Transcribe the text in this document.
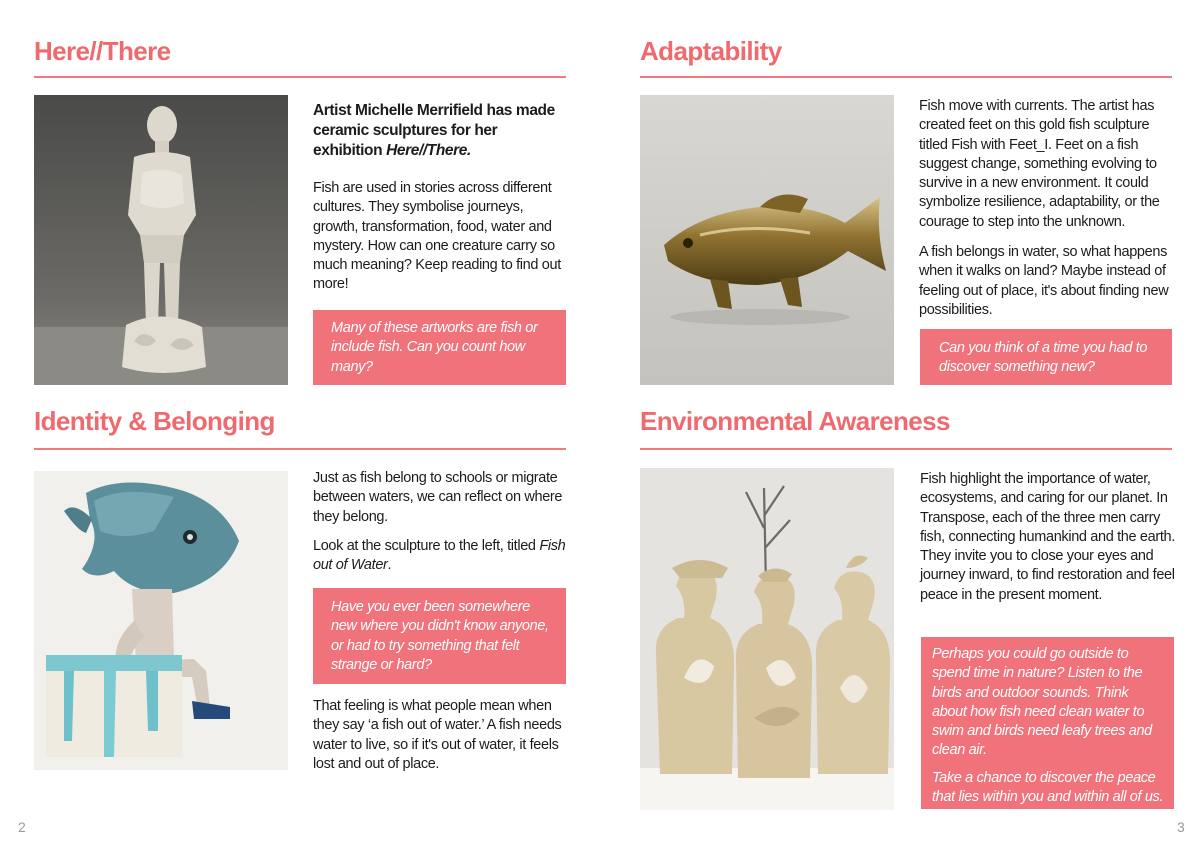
Here//There

Artist Michelle Merrifield has made ceramic sculptures for her exhibition Here//There.

Fish are used in stories across different cultures. They symbolise journeys, growth, transformation, food, water and mystery. How can one creature carry so much meaning? Keep reading to find out more!

Many of these artworks are fish or include fish. Can you count how many?

Identity & Belonging

Just as fish belong to schools or migrate between waters, we can reflect on where they belong.

Look at the sculpture to the left, titled Fish out of Water.

Have you ever been somewhere new where you didn't know anyone, or had to try something that felt strange or hard?

That feeling is what people mean when they say ‘a fish out of water.’ A fish needs water to live, so if it's out of water, it feels lost and out of place.

2
Adaptability

Fish move with currents. The artist has created feet on this gold fish sculpture titled Fish with Feet_I. Feet on a fish suggest change, something evolving to survive in a new environment. It could symbolize resilience, adaptability, or the courage to step into the unknown.

A fish belongs in water, so what happens when it walks on land? Maybe instead of feeling out of place, it's about finding new possibilities.

Can you think of a time you had to discover something new?

Environmental Awareness

Fish highlight the importance of water, ecosystems, and caring for our planet. In Transpose, each of the three men carry fish, connecting humankind and the earth. They invite you to close your eyes and journey inward, to find restoration and feel peace in the present moment.

Perhaps you could go outside to spend time in nature? Listen to the birds and outdoor sounds. Think about how fish need clean water to swim and birds need leafy trees and clean air.

Take a chance to discover the peace that lies within you and within all of us.

3
